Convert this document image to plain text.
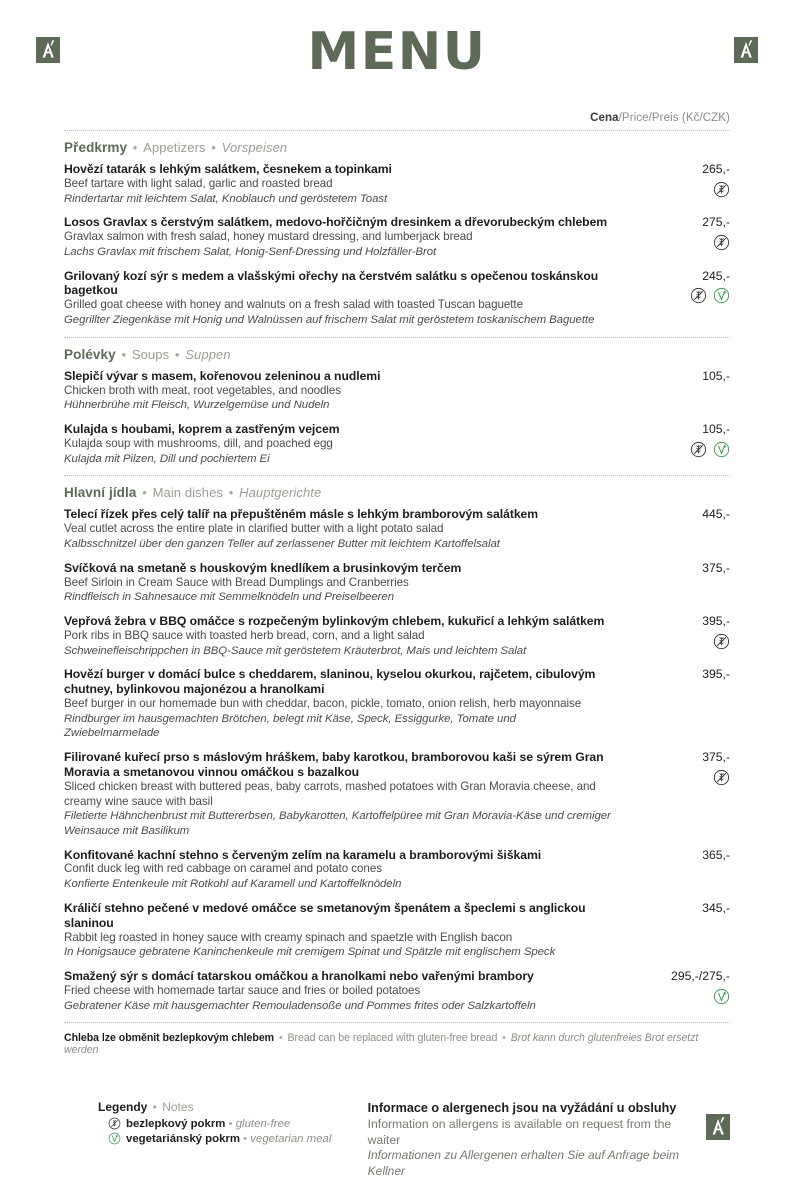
MENU
Cena/Price/Preis (Kč/CZK)
Předkrmy • Appetizers • Vorspeisen
Hovězí tatarák s lehkým salátkem, česnekem a topinkami
Beef tartare with light salad, garlic and roasted bread
Rindertartar mit leichtem Salat, Knoblauch und geröstetem Toast
265,-
Losos Gravlax s čerstvým salátkem, medovo-hořčičným dresinkem a dřevorubeckým chlebem
Gravlax salmon with fresh salad, honey mustard dressing, and lumberjack bread
Lachs Gravlax mit frischem Salat, Honig-Senf-Dressing und Holzfäller-Brot
275,-
Grilovaný kozí sýr s medem a vlašskými ořechy na čerstvém salátku s opečenou toskánskou bagetkou
Grilled goat cheese with honey and walnuts on a fresh salad with toasted Tuscan baguette
Gegrillter Ziegenkäse mit Honig und Walnüssen auf frischem Salat mit geröstetem toskanischem Baguette
245,-
Polévky • Soups • Suppen
Slepičí vývar s masem, kořenovou zeleninou a nudlemi
Chicken broth with meat, root vegetables, and noodles
Hühnerbrühe mit Fleisch, Wurzelgemüse und Nudeln
105,-
Kulajda s houbami, koprem a zastřeným vejcem
Kulajda soup with mushrooms, dill, and poached egg
Kulajda mit Pilzen, Dill und pochiertem Ei
105,-
Hlavní jídla • Main dishes • Hauptgerichte
Telecí řízek přes celý talíř na přepuštěném másle s lehkým bramborovým salátkem
Veal cutlet across the entire plate in clarified butter with a light potato salad
Kalbsschnitzel über den ganzen Teller auf zerlassener Butter mit leichtem Kartoffelsalat
445,-
Svíčková na smetaně s houskovým knedlíkem a brusinkovým terčem
Beef Sirloin in Cream Sauce with Bread Dumplings and Cranberries
Rindfleisch in Sahnesauce mit Semmelknödeln und Preiselbeeren
375,-
Vepřová žebra v BBQ omáčce s rozpečeným bylinkovým chlebem, kukuřicí a lehkým salátkem
Pork ribs in BBQ sauce with toasted herb bread, corn, and a light salad
Schweinefleischrippchen in BBQ-Sauce mit geröstetem Kräuterbrot, Mais und leichtem Salat
395,-
Hovězí burger v domácí bulce s cheddarem, slaninou, kyselou okurkou, rajčetem, cibulovým chutney, bylinkovou majonézou a hranolkami
Beef burger in our homemade bun with cheddar, bacon, pickle, tomato, onion relish, herb mayonnaise
Rindburger im hausgemachten Brötchen, belegt mit Käse, Speck, Essiggurke, Tomate und Zwiebelmarmelade
395,-
Filirované kuřecí prso s máslovým hráškem, baby karotkou, bramborovou kaši se sýrem Gran Moravia a smetanovou vinnou omáčkou s bazalkou
Sliced chicken breast with buttered peas, baby carrots, mashed potatoes with Gran Moravia cheese, and creamy wine sauce with basil
Filetierte Hähnchenbrust mit Buttererbsen, Babykarotten, Kartoffelpüree mit Gran Moravia-Käse und cremiger Weinsauce mit Basilikum
375,-
Konfitované kachní stehno s červeným zelím na karamelu a bramborovými šiškami
Confit duck leg with red cabbage on caramel and potato cones
Konfierte Entenkeule mit Rotkohl auf Karamell und Kartoffelknödeln
365,-
Králičí stehno pečené v medové omáčce se smetanovým špenátem a špeclemi s anglickou slaninou
Rabbit leg roasted in honey sauce with creamy spinach and spaetzle with English bacon
In Honigsauce gebratene Kaninchenkeule mit cremigem Spinat und Spätzle mit englischem Speck
345,-
Smažený sýr s domácí tatarskou omáčkou a hranolkami nebo vařenými brambory
Fried cheese with homemade tartar sauce and fries or boiled potatoes
Gebratener Käse mit hausgemachter Remouladensoße und Pommes frites oder Salzkartoffeln
295,-/275,-
Chleba lze obměnit bezlepkovým chlebem • Bread can be replaced with gluten-free bread • Brot kann durch glutenfreies Brot ersetzt werden
Legendy • Notes
bezlepkový pokrm • gluten-free
vegetariánský pokrm • vegetarian meal
Informace o alergenech jsou na vyžádání u obsluhy
Information on allergens is available on request from the waiter
Informationen zu Allergenen erhalten Sie auf Anfrage beim Kellner
